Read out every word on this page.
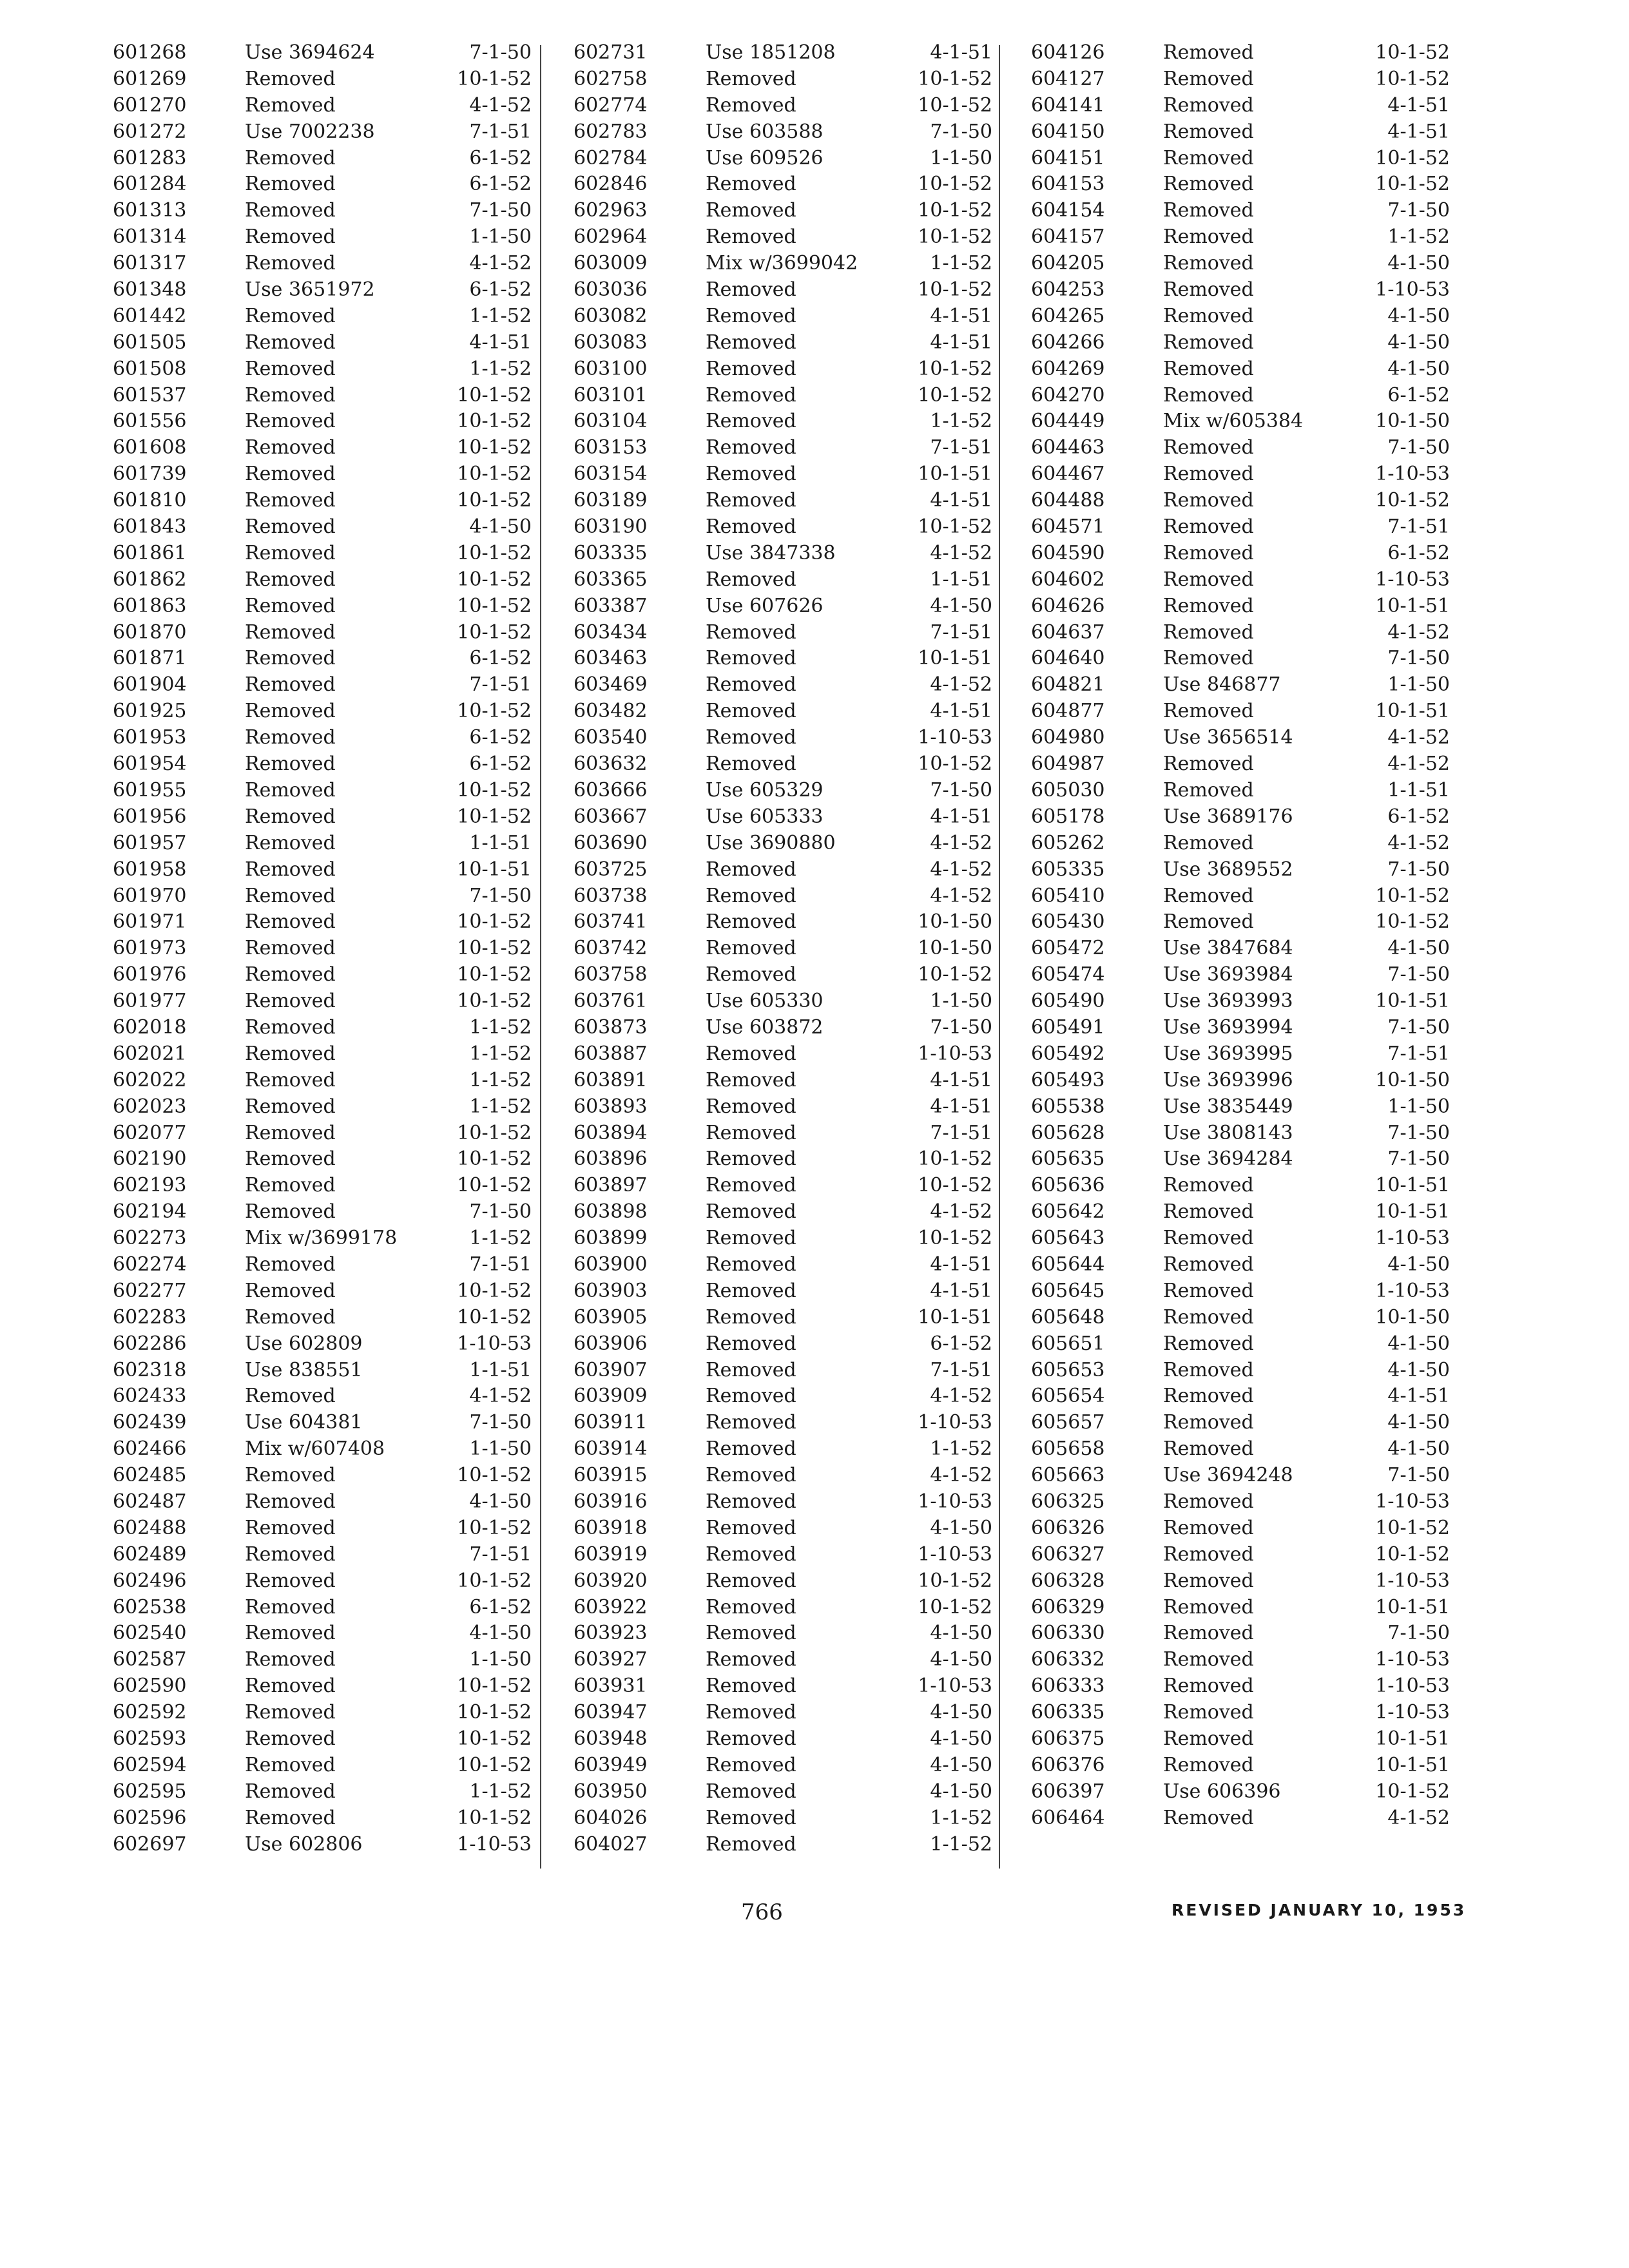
601268	Use 3694624	7-1-50
601269	Removed	10-1-52
601270	Removed	4-1-52
601272	Use 7002238	7-1-51
601283	Removed	6-1-52
601284	Removed	6-1-52
601313	Removed	7-1-50
601314	Removed	1-1-50
601317	Removed	4-1-52
601348	Use 3651972	6-1-52
601442	Removed	1-1-52
601505	Removed	4-1-51
601508	Removed	1-1-52
601537	Removed	10-1-52
601556	Removed	10-1-52
601608	Removed	10-1-52
601739	Removed	10-1-52
601810	Removed	10-1-52
601843	Removed	4-1-50
601861	Removed	10-1-52
601862	Removed	10-1-52
601863	Removed	10-1-52
601870	Removed	10-1-52
601871	Removed	6-1-52
601904	Removed	7-1-51
601925	Removed	10-1-52
601953	Removed	6-1-52
601954	Removed	6-1-52
601955	Removed	10-1-52
601956	Removed	10-1-52
601957	Removed	1-1-51
601958	Removed	10-1-51
601970	Removed	7-1-50
601971	Removed	10-1-52
601973	Removed	10-1-52
601976	Removed	10-1-52
601977	Removed	10-1-52
602018	Removed	1-1-52
602021	Removed	1-1-52
602022	Removed	1-1-52
602023	Removed	1-1-52
602077	Removed	10-1-52
602190	Removed	10-1-52
602193	Removed	10-1-52
602194	Removed	7-1-50
602273	Mix w/3699178	1-1-52
602274	Removed	7-1-51
602277	Removed	10-1-52
602283	Removed	10-1-52
602286	Use 602809	1-10-53
602318	Use 838551	1-1-51
602433	Removed	4-1-52
602439	Use 604381	7-1-50
602466	Mix w/607408	1-1-50
602485	Removed	10-1-52
602487	Removed	4-1-50
602488	Removed	10-1-52
602489	Removed	7-1-51
602496	Removed	10-1-52
602538	Removed	6-1-52
602540	Removed	4-1-50
602587	Removed	1-1-50
602590	Removed	10-1-52
602592	Removed	10-1-52
602593	Removed	10-1-52
602594	Removed	10-1-52
602595	Removed	1-1-52
602596	Removed	10-1-52
602697	Use 602806	1-10-53
602731	Use 1851208	4-1-51
602758	Removed	10-1-52
602774	Removed	10-1-52
602783	Use 603588	7-1-50
602784	Use 609526	1-1-50
602846	Removed	10-1-52
602963	Removed	10-1-52
602964	Removed	10-1-52
603009	Mix w/3699042	1-1-52
603036	Removed	10-1-52
603082	Removed	4-1-51
603083	Removed	4-1-51
603100	Removed	10-1-52
603101	Removed	10-1-52
603104	Removed	1-1-52
603153	Removed	7-1-51
603154	Removed	10-1-51
603189	Removed	4-1-51
603190	Removed	10-1-52
603335	Use 3847338	4-1-52
603365	Removed	1-1-51
603387	Use 607626	4-1-50
603434	Removed	7-1-51
603463	Removed	10-1-51
603469	Removed	4-1-52
603482	Removed	4-1-51
603540	Removed	1-10-53
603632	Removed	10-1-52
603666	Use 605329	7-1-50
603667	Use 605333	4-1-51
603690	Use 3690880	4-1-52
603725	Removed	4-1-52
603738	Removed	4-1-52
603741	Removed	10-1-50
603742	Removed	10-1-50
603758	Removed	10-1-52
603761	Use 605330	1-1-50
603873	Use 603872	7-1-50
603887	Removed	1-10-53
603891	Removed	4-1-51
603893	Removed	4-1-51
603894	Removed	7-1-51
603896	Removed	10-1-52
603897	Removed	10-1-52
603898	Removed	4-1-52
603899	Removed	10-1-52
603900	Removed	4-1-51
603903	Removed	4-1-51
603905	Removed	10-1-51
603906	Removed	6-1-52
603907	Removed	7-1-51
603909	Removed	4-1-52
603911	Removed	1-10-53
603914	Removed	1-1-52
603915	Removed	4-1-52
603916	Removed	1-10-53
603918	Removed	4-1-50
603919	Removed	1-10-53
603920	Removed	10-1-52
603922	Removed	10-1-52
603923	Removed	4-1-50
603927	Removed	4-1-50
603931	Removed	1-10-53
603947	Removed	4-1-50
603948	Removed	4-1-50
603949	Removed	4-1-50
603950	Removed	4-1-50
604026	Removed	1-1-52
604027	Removed	1-1-52
604126	Removed	10-1-52
604127	Removed	10-1-52
604141	Removed	4-1-51
604150	Removed	4-1-51
604151	Removed	10-1-52
604153	Removed	10-1-52
604154	Removed	7-1-50
604157	Removed	1-1-52
604205	Removed	4-1-50
604253	Removed	1-10-53
604265	Removed	4-1-50
604266	Removed	4-1-50
604269	Removed	4-1-50
604270	Removed	6-1-52
604449	Mix w/605384	10-1-50
604463	Removed	7-1-50
604467	Removed	1-10-53
604488	Removed	10-1-52
604571	Removed	7-1-51
604590	Removed	6-1-52
604602	Removed	1-10-53
604626	Removed	10-1-51
604637	Removed	4-1-52
604640	Removed	7-1-50
604821	Use 846877	1-1-50
604877	Removed	10-1-51
604980	Use 3656514	4-1-52
604987	Removed	4-1-52
605030	Removed	1-1-51
605178	Use 3689176	6-1-52
605262	Removed	4-1-52
605335	Use 3689552	7-1-50
605410	Removed	10-1-52
605430	Removed	10-1-52
605472	Use 3847684	4-1-50
605474	Use 3693984	7-1-50
605490	Use 3693993	10-1-51
605491	Use 3693994	7-1-50
605492	Use 3693995	7-1-51
605493	Use 3693996	10-1-50
605538	Use 3835449	1-1-50
605628	Use 3808143	7-1-50
605635	Use 3694284	7-1-50
605636	Removed	10-1-51
605642	Removed	10-1-51
605643	Removed	1-10-53
605644	Removed	4-1-50
605645	Removed	1-10-53
605648	Removed	10-1-50
605651	Removed	4-1-50
605653	Removed	4-1-50
605654	Removed	4-1-51
605657	Removed	4-1-50
605658	Removed	4-1-50
605663	Use 3694248	7-1-50
606325	Removed	1-10-53
606326	Removed	10-1-52
606327	Removed	10-1-52
606328	Removed	1-10-53
606329	Removed	10-1-51
606330	Removed	7-1-50
606332	Removed	1-10-53
606333	Removed	1-10-53
606335	Removed	1-10-53
606375	Removed	10-1-51
606376	Removed	10-1-51
606397	Use 606396	10-1-52
606464	Removed	4-1-52
766	REVISED JANUARY 10, 1953
